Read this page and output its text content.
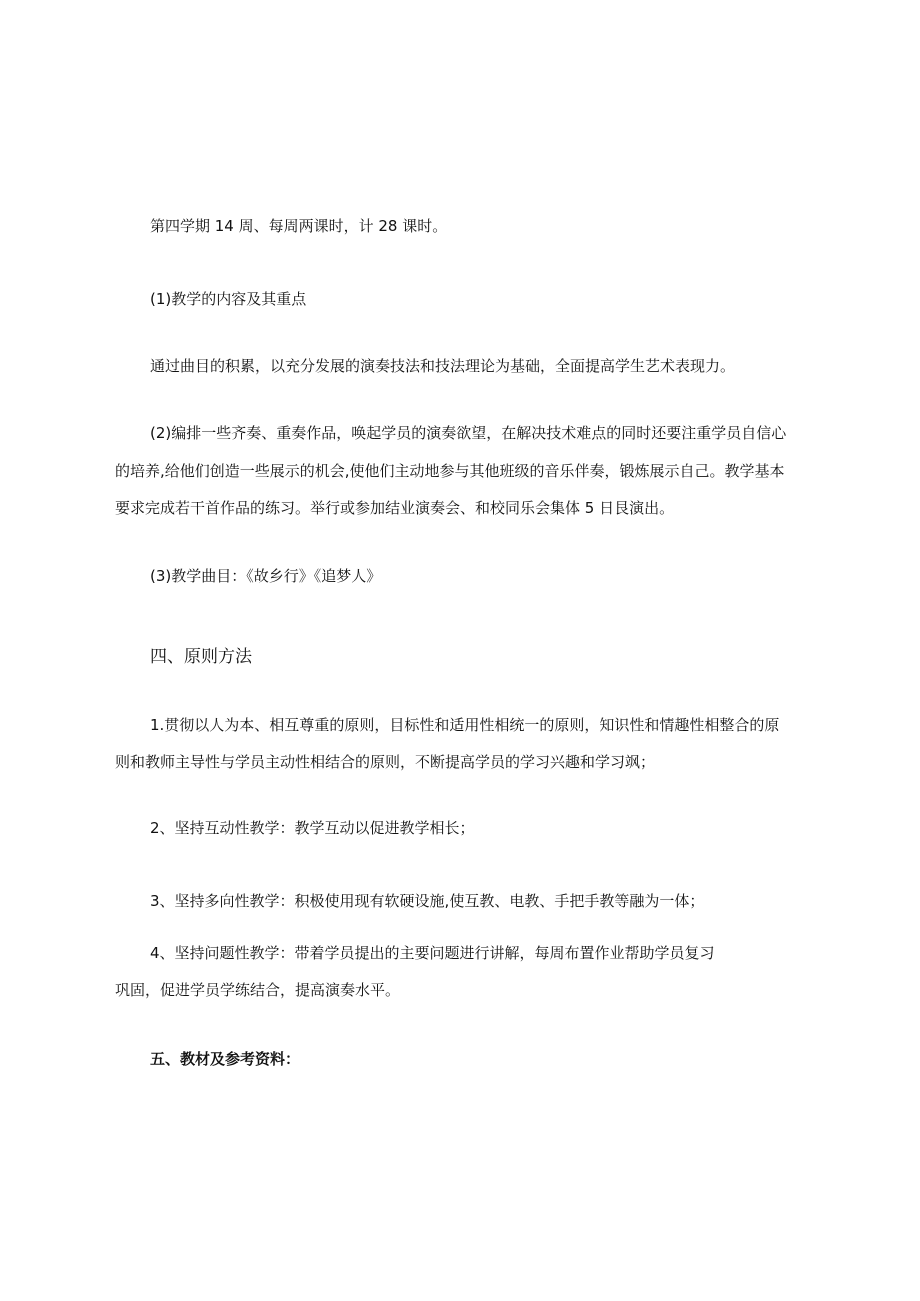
第四学期 14 周、每周两课时，计 28 课时。
(1)教学的内容及其重点
通过曲目的积累，以充分发展的演奏技法和技法理论为基础，全面提高学生艺术表现力。
(2)编排一些齐奏、重奏作品，唤起学员的演奏欲望，在解决技术难点的同时还要注重学员自信心
的培养,给他们创造一些展示的机会,使他们主动地参与其他班级的音乐伴奏，锻炼展示自己。教学基本
要求完成若干首作品的练习。举行或参加结业演奏会、和校同乐会集体 5 日艮演出。
(3)教学曲目：《故乡行》《追梦人》
四、原则方法
1.贯彻以人为本、相互尊重的原则，目标性和适用性相统一的原则，知识性和情趣性相整合的原
则和教师主导性与学员主动性相结合的原则，不断提高学员的学习兴趣和学习飒；
2、坚持互动性教学：教学互动以促进教学相长；
3、坚持多向性教学：积极使用现有软硬设施,使互教、电教、手把手教等融为一体；
4、坚持问题性教学：带着学员提出的主要问题进行讲解，每周布置作业帮助学员复习
巩固，促进学员学练结合，提高演奏水平。
五、教材及参考资料：
